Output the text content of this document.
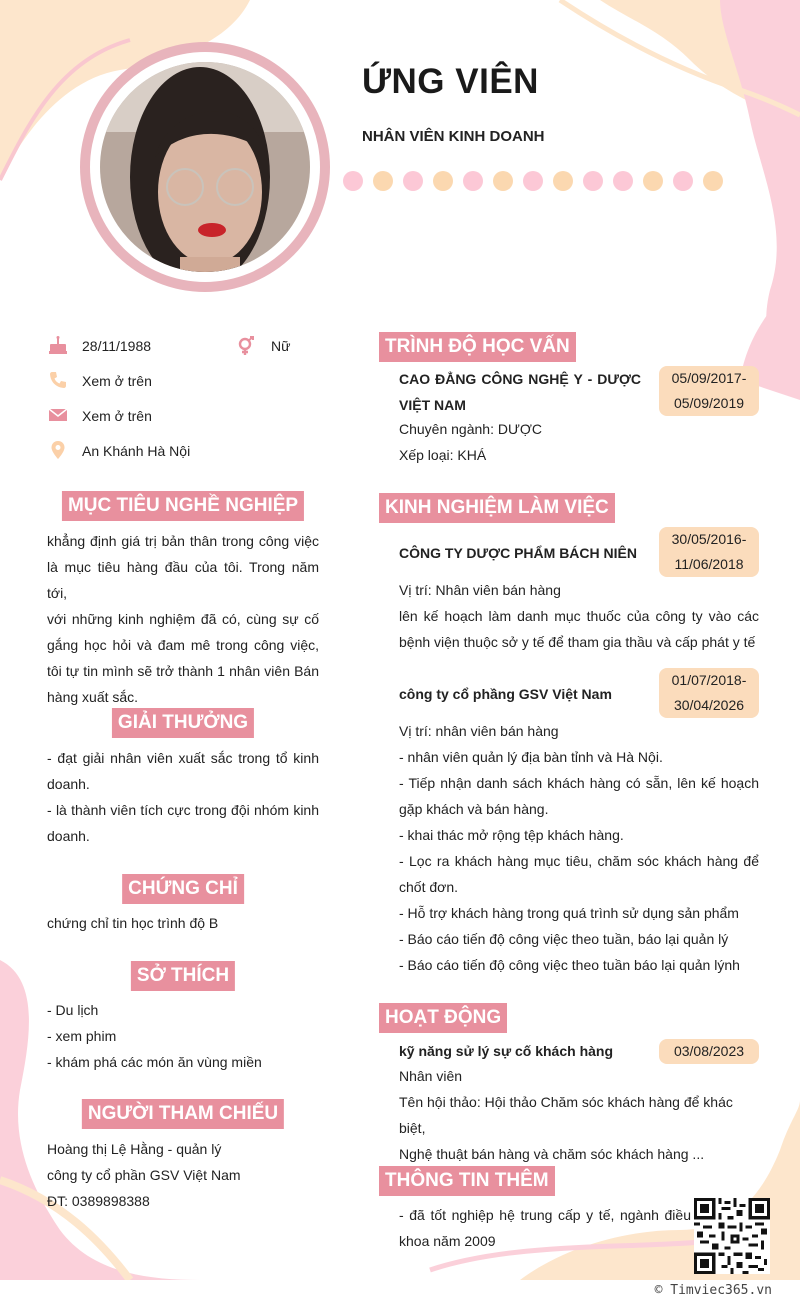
ỨNG VIÊN
NHÂN VIÊN KINH DOANH
28/11/1988	Nữ
Xem ở trên
Xem ở trên
An Khánh Hà Nội
MỤC TIÊU NGHỀ NGHIỆP
khẳng định giá trị bản thân trong công việc
là mục tiêu hàng đầu của tôi. Trong năm tới,
với những kinh nghiệm đã có, cùng sự cố
gắng học hỏi và đam mê trong công việc,
tôi tự tin mình sẽ trở thành 1 nhân viên Bán
hàng xuất sắc.
GIẢI THƯỞNG
- đạt giải nhân viên xuất sắc trong tổ kinh
doanh.
- là thành viên tích cực trong đội nhóm kinh
doanh.
CHỨNG CHỈ
chứng chỉ tin học trình độ B
SỞ THÍCH
- Du lịch
- xem phim
- khám phá các món ăn vùng miền
NGƯỜI THAM CHIẾU
Hoàng thị Lệ Hằng - quản lý
công ty cổ phần GSV Việt Nam
ĐT: 0389898388
TRÌNH ĐỘ HỌC VẤN
CAO ĐẲNG CÔNG NGHỆ Y - DƯỢC
VIỆT NAM
05/09/2017-
05/09/2019
Chuyên ngành: DƯỢC
Xếp loại: KHÁ
KINH NGHIỆM LÀM VIỆC
CÔNG TY DƯỢC PHẨM BÁCH NIÊN
30/05/2016-
11/06/2018
Vị trí: Nhân viên bán hàng
lên kế hoạch làm danh mục thuốc của công ty vào các
bệnh viện thuộc sở y tế để tham gia thầu và cấp phát y tế
công ty cổ phầng GSV Việt Nam
01/07/2018-
30/04/2026
Vị trí: nhân viên bán hàng
- nhân viên quản lý địa bàn tỉnh và Hà Nội.
- Tiếp nhận danh sách khách hàng có sẵn, lên kế hoạch
gặp khách và bán hàng.
- khai thác mở rộng tệp khách hàng.
- Lọc ra khách hàng mục tiêu, chăm sóc khách hàng để
chốt đơn.
- Hỗ trợ khách hàng trong quá trình sử dụng sản phẩm
- Báo cáo tiến độ công việc theo tuần, báo lại quản lý
- Báo cáo tiến độ công việc theo tuần báo lại quản lýnh
HOẠT ĐỘNG
kỹ năng sử lý sự cố khách hàng	03/08/2023
Nhân viên
Tên hội thảo: Hội thảo Chăm sóc khách hàng để khác biệt,
Nghệ thuật bán hàng và chăm sóc khách hàng ...
THÔNG TIN THÊM
- đã tốt nghiệp hệ trung cấp y tế, ngành điều
khoa năm 2009
© Timviec365.vn
